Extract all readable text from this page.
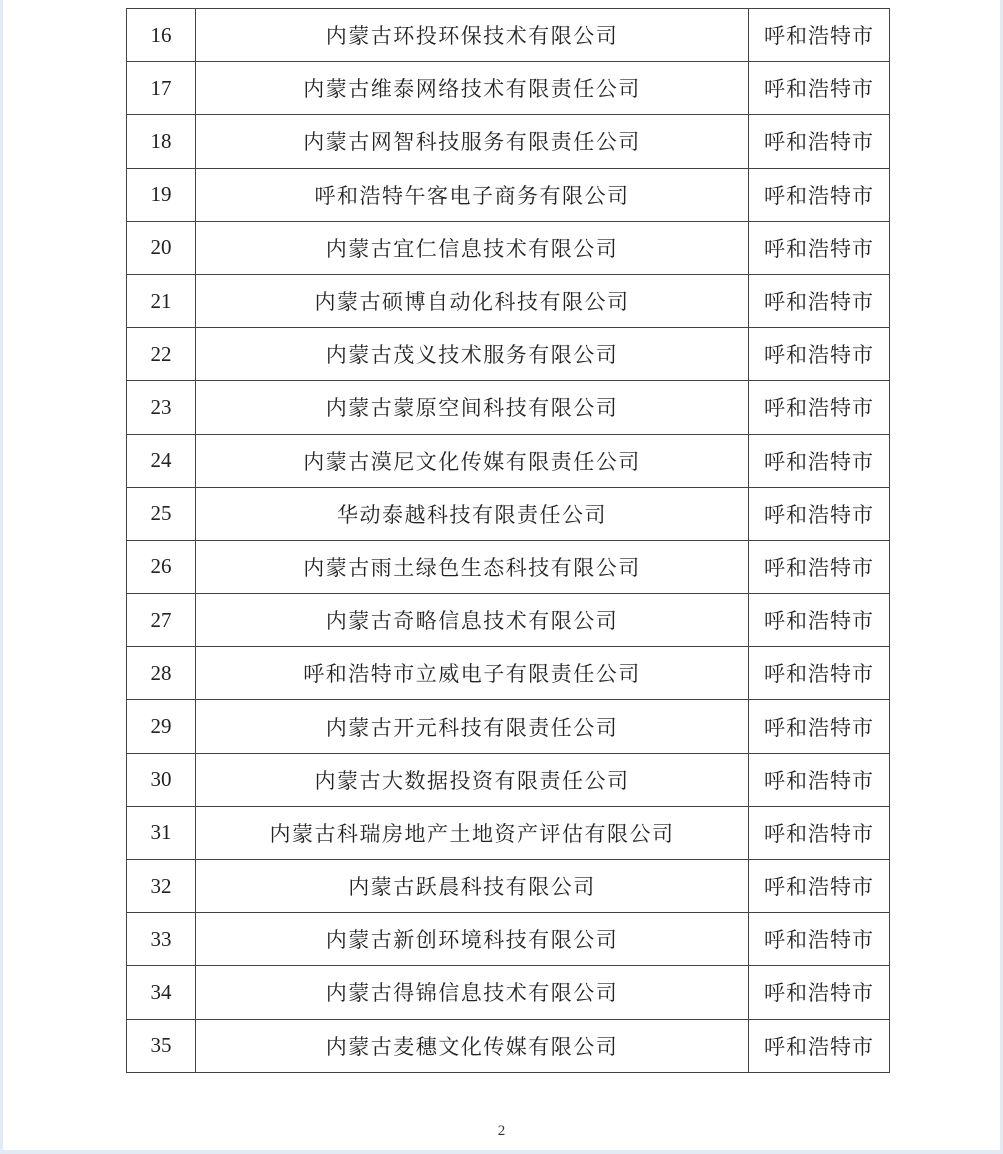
16	内蒙古环投环保技术有限公司	呼和浩特市
17	内蒙古维泰网络技术有限责任公司	呼和浩特市
18	内蒙古网智科技服务有限责任公司	呼和浩特市
19	呼和浩特午客电子商务有限公司	呼和浩特市
20	内蒙古宜仁信息技术有限公司	呼和浩特市
21	内蒙古硕博自动化科技有限公司	呼和浩特市
22	内蒙古茂义技术服务有限公司	呼和浩特市
23	内蒙古蒙原空间科技有限公司	呼和浩特市
24	内蒙古漠尼文化传媒有限责任公司	呼和浩特市
25	华动泰越科技有限责任公司	呼和浩特市
26	内蒙古雨土绿色生态科技有限公司	呼和浩特市
27	内蒙古奇略信息技术有限公司	呼和浩特市
28	呼和浩特市立威电子有限责任公司	呼和浩特市
29	内蒙古开元科技有限责任公司	呼和浩特市
30	内蒙古大数据投资有限责任公司	呼和浩特市
31	内蒙古科瑞房地产土地资产评估有限公司	呼和浩特市
32	内蒙古跃晨科技有限公司	呼和浩特市
33	内蒙古新创环境科技有限公司	呼和浩特市
34	内蒙古得锦信息技术有限公司	呼和浩特市
35	内蒙古麦穗文化传媒有限公司	呼和浩特市
2
